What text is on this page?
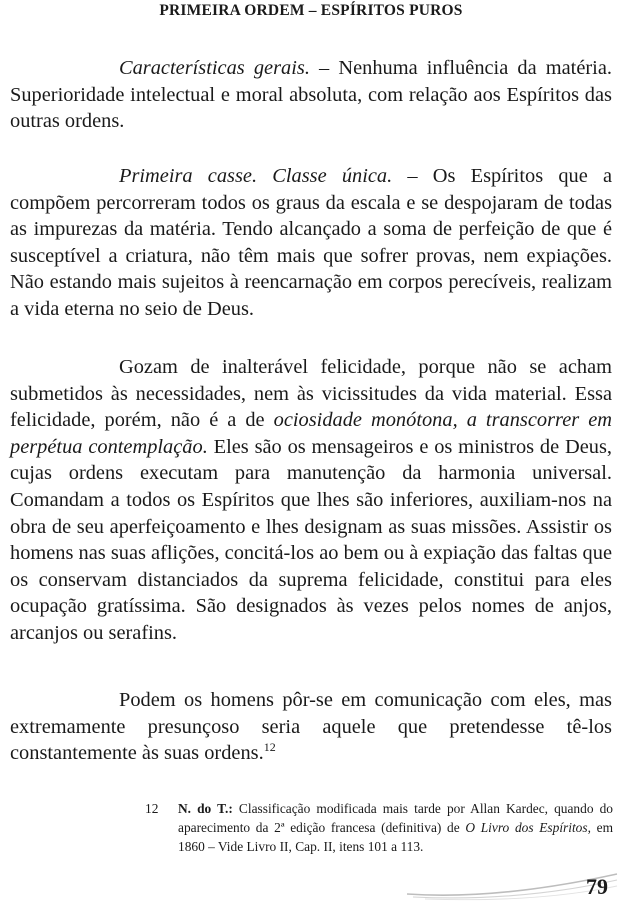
PRIMEIRA ORDEM – ESPÍRITOS PUROS

Características gerais. – Nenhuma influência da matéria. Superioridade intelectual e moral absoluta, com relação aos Espíritos das outras ordens.

Primeira casse. Classe única. – Os Espíritos que a compõem percorreram todos os graus da escala e se despojaram de todas as impurezas da matéria. Tendo alcançado a soma de perfeição de que é susceptível a criatura, não têm mais que sofrer provas, nem expiações. Não estando mais sujeitos à reencarnação em corpos perecíveis, realizam a vida eterna no seio de Deus.

Gozam de inalterável felicidade, porque não se acham submetidos às necessidades, nem às vicissitudes da vida material. Essa felicidade, porém, não é a de ociosidade monótona, a transcorrer em perpétua contemplação. Eles são os mensageiros e os ministros de Deus, cujas ordens executam para manutenção da harmonia universal. Comandam a todos os Espíritos que lhes são inferiores, auxiliam-nos na obra de seu aperfeiçoamento e lhes designam as suas missões. Assistir os homens nas suas aflições, concitá-los ao bem ou à expiação das faltas que os conservam distanciados da suprema felicidade, constitui para eles ocupação gratíssima. São designados às vezes pelos nomes de anjos, arcanjos ou serafins.

Podem os homens pôr-se em comunicação com eles, mas extremamente presunçoso seria aquele que pretendesse tê-los constantemente às suas ordens.$^{12}$

12 N. do T.: Classificação modificada mais tarde por Allan Kardec, quando do aparecimento da 2ª edição francesa (definitiva) de O Livro dos Espíritos, em 1860 – Vide Livro II, Cap. II, itens 101 a 113.
79
